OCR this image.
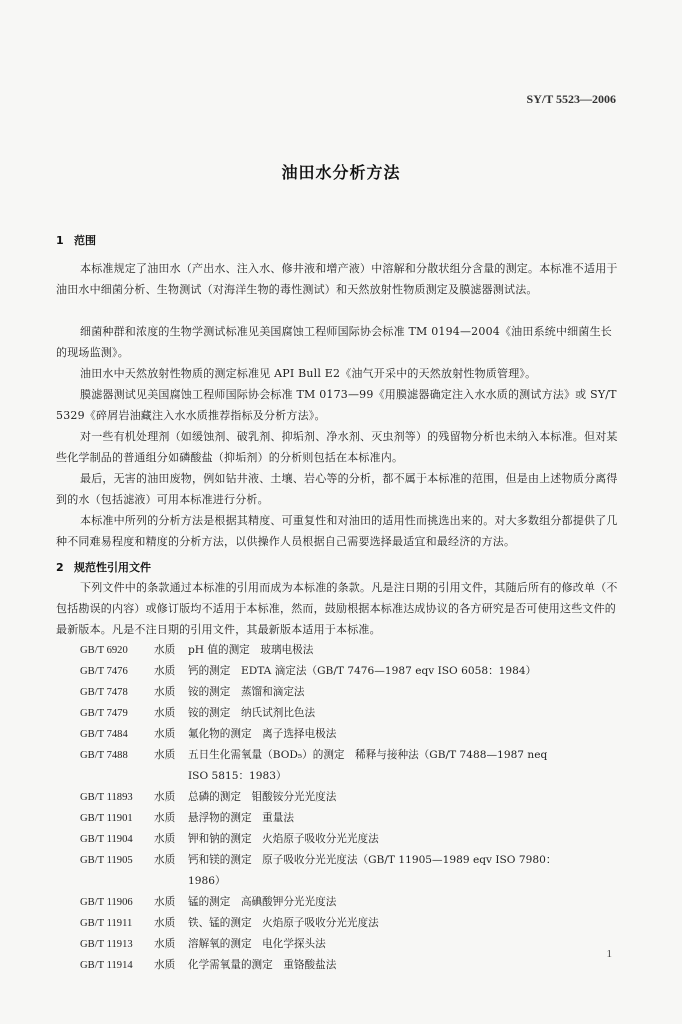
SY/T 5523—2006
油田水分析方法
1 范围

本标准规定了油田水（产出水、注入水、修井液和增产液）中溶解和分散状组分含量的测定。本标准不适用于油田水中细菌分析、生物测试（对海洋生物的毒性测试）和天然放射性物质测定及膜滤器测试法。

细菌种群和浓度的生物学测试标准见美国腐蚀工程师国际协会标准 TM 0194—2004《油田系统中细菌生长的现场监测》。

油田水中天然放射性物质的测定标准见 API Bull E2《油气开采中的天然放射性物质管理》。

膜滤器测试见美国腐蚀工程师国际协会标准 TM 0173—99《用膜滤器确定注入水水质的测试方法》或 SY/T 5329《碎屑岩油藏注入水水质推荐指标及分析方法》。

对一些有机处理剂（如缓蚀剂、破乳剂、抑垢剂、净水剂、灭虫剂等）的残留物分析也未纳入本标准。但对某些化学制品的普通组分如磷酸盐（抑垢剂）的分析则包括在本标准内。

最后，无害的油田废物，例如钻井液、土壤、岩心等的分析，都不属于本标准的范围，但是由上述物质分离得到的水（包括滤液）可用本标准进行分析。

本标准中所列的分析方法是根据其精度、可重复性和对油田的适用性而挑选出来的。对大多数组分都提供了几种不同难易程度和精度的分析方法，以供操作人员根据自己需要选择最适宜和最经济的方法。

2 规范性引用文件

下列文件中的条款通过本标准的引用而成为本标准的条款。凡是注日期的引用文件，其随后所有的修改单（不包括勘误的内容）或修订版均不适用于本标准，然而，鼓励根据本标准达成协议的各方研究是否可使用这些文件的最新版本。凡是不注日期的引用文件，其最新版本适用于本标准。

GB/T 6920	水质	pH 值的测定　玻璃电极法
GB/T 7476	水质	钙的测定　EDTA 滴定法（GB/T 7476—1987 eqv ISO 6058：1984）
GB/T 7478	水质	铵的测定　蒸馏和滴定法
GB/T 7479	水质	铵的测定　纳氏试剂比色法
GB/T 7484	水质	氟化物的测定　离子选择电极法
GB/T 7488	水质	五日生化需氧量（BOD₅）的测定　稀释与接种法（GB/T 7488—1987 neq
ISO 5815：1983）
GB/T 11893	水质	总磷的测定　钼酸铵分光光度法
GB/T 11901	水质	悬浮物的测定　重量法
GB/T 11904	水质	钾和钠的测定　火焰原子吸收分光光度法
GB/T 11905	水质	钙和镁的测定　原子吸收分光光度法（GB/T 11905—1989 eqv ISO 7980：
1986）
GB/T 11906	水质	锰的测定　高碘酸钾分光光度法
GB/T 11911	水质	铁、锰的测定　火焰原子吸收分光光度法
GB/T 11913	水质	溶解氧的测定　电化学探头法
GB/T 11914	水质	化学需氧量的测定　重铬酸盐法
1
